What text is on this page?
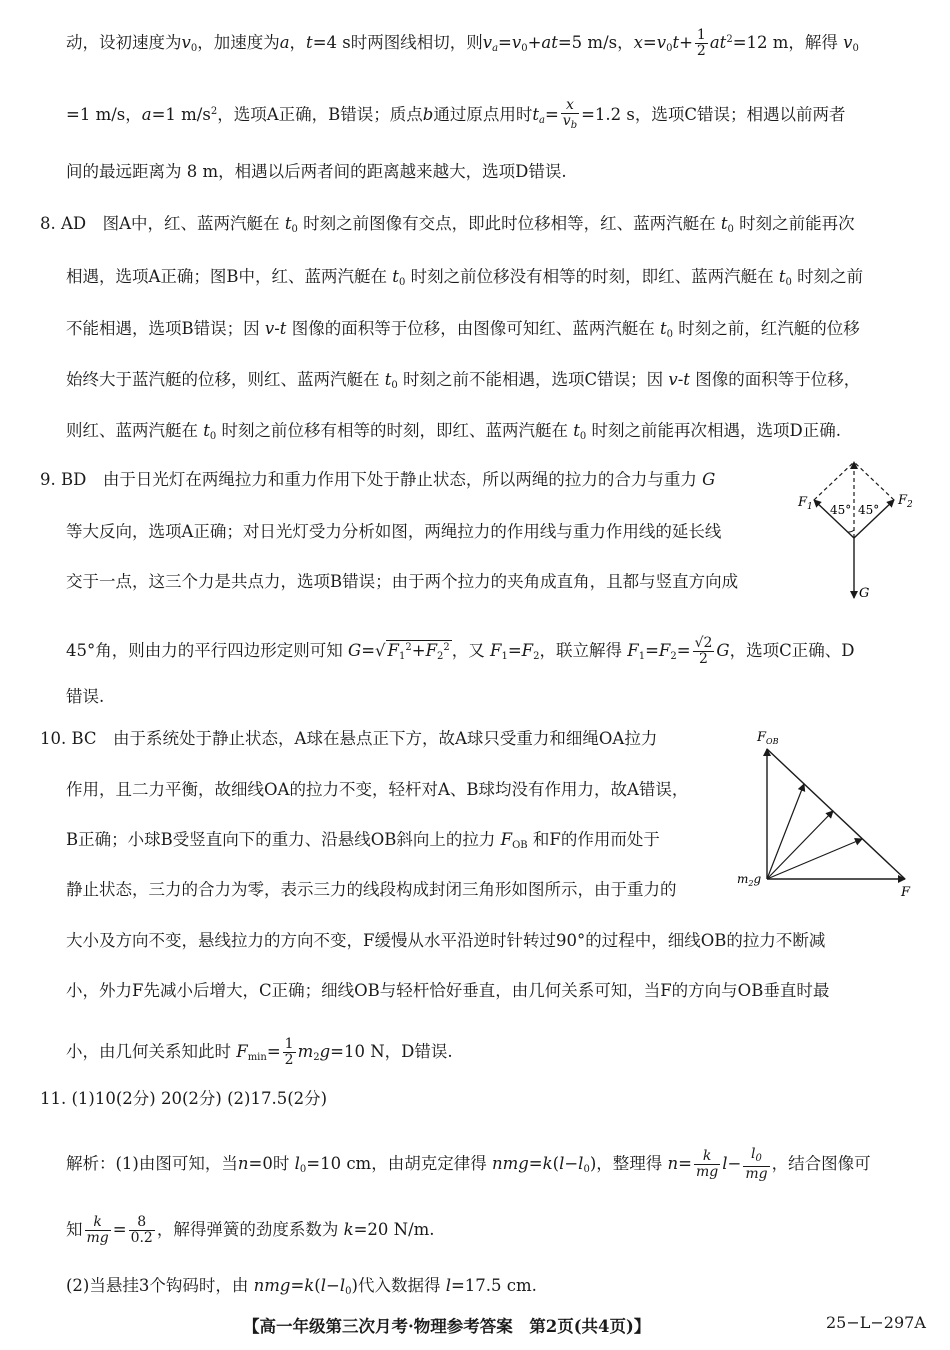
动，设初速度为$v_0$，加速度为a，t=4 s时两图线相切，则$v_a=v_0+at=5$ m/s，$x=v_0t+ \frac{1}{2} at^2=12$ m，解得 $v_0$
=1 m/s，a=1 $m/s^2$，选项A正确，B错误；质点b通过原点用时$t_a= \frac{x}{v_b} =1.2$ s，选项C错误；相遇以前两者
间的最远距离为 8 m，相遇以后两者间的距离越来越大，选项D错误.
8. AD　 图A中，红、蓝两汽艇在 $t_0$ 时刻之前图像有交点，即此时位移相等，红、蓝两汽艇在 $t_0$ 时刻之前能再次
相遇，选项A正确；图B中，红、蓝两汽艇在 $t_0$ 时刻之前位移没有相等的时刻，即红、蓝两汽艇在 $t_0$ 时刻之前
不能相遇，选项B错误；因 v-t 图像的面积等于位移，由图像可知红、蓝两汽艇在 $t_0$ 时刻之前，红汽艇的位移
始终大于蓝汽艇的位移，则红、蓝两汽艇在 $t_0$ 时刻之前不能相遇，选项C错误；因 v-t 图像的面积等于位移，
则红、蓝两汽艇在 $t_0$ 时刻之前位移有相等的时刻，即红、蓝两汽艇在 $t_0$ 时刻之前能再次相遇，选项D正确.
9. BD　 由于日光灯在两绳拉力和重力作用下处于静止状态，所以两绳的拉力的合力与重力 G
等大反向，选项A正确；对日光灯受力分析如图，两绳拉力的作用线与重力作用线的延长线
交于一点，这三个力是共点力，选项B错误；由于两个拉力的夹角成直角，且都与竖直方向成
45°角，则由力的平行四边形定则可知 G=√ $F_1^2+F_2^2$ ，又 $F_1=F_2$，联立解得 $F_1=F_2= \frac{√2}{2}$ G，选项C正确、D
错误.
45° 45°
$F_1$	$F_2$
G
10. BC　 由于系统处于静止状态，A球在悬点正下方，故A球只受重力和细绳OA拉力
作用，且二力平衡，故细线OA的拉力不变，轻杆对A、B球均没有作用力，故A错误，
B正确；小球B受竖直向下的重力、沿悬线OB斜向上的拉力 $F_{OB}$ 和F的作用而处于
静止状态，三力的合力为零，表示三力的线段构成封闭三角形如图所示，由于重力的
大小及方向不变，悬线拉力的方向不变，F缓慢从水平沿逆时针转过90°的过程中，细线OB的拉力不断减
小，外力F先减小后增大，C正确；细线OB与轻杆恰好垂直，由几何关系可知，当F的方向与OB垂直时最
小，由几何关系知此时 $F_{min}= \frac{1}{2} m_2g=10$ N，D错误.
$F_{OB}$
$m_2g$
F
11. (1)10(2分) 20(2分) (2)17.5(2分)
解析：(1)由图可知，当n=0时 $l_0=10$ cm，由胡克定律得 $nmg=k(l-l_0)$，整理得 $n= \frac{k}{mg} l- \frac{l_0}{mg}$ ，结合图像可
知 $\frac{k}{mg} = \frac{8}{0.2}$ ，解得弹簧的劲度系数为 k=20 N/m.
(2)当悬挂3个钩码时，由 $nmg=k(l-l_0)$代入数据得 l=17.5 cm.
【高一年级第三次月考·物理参考答案　第2页(共4页)】	25−L−297A
